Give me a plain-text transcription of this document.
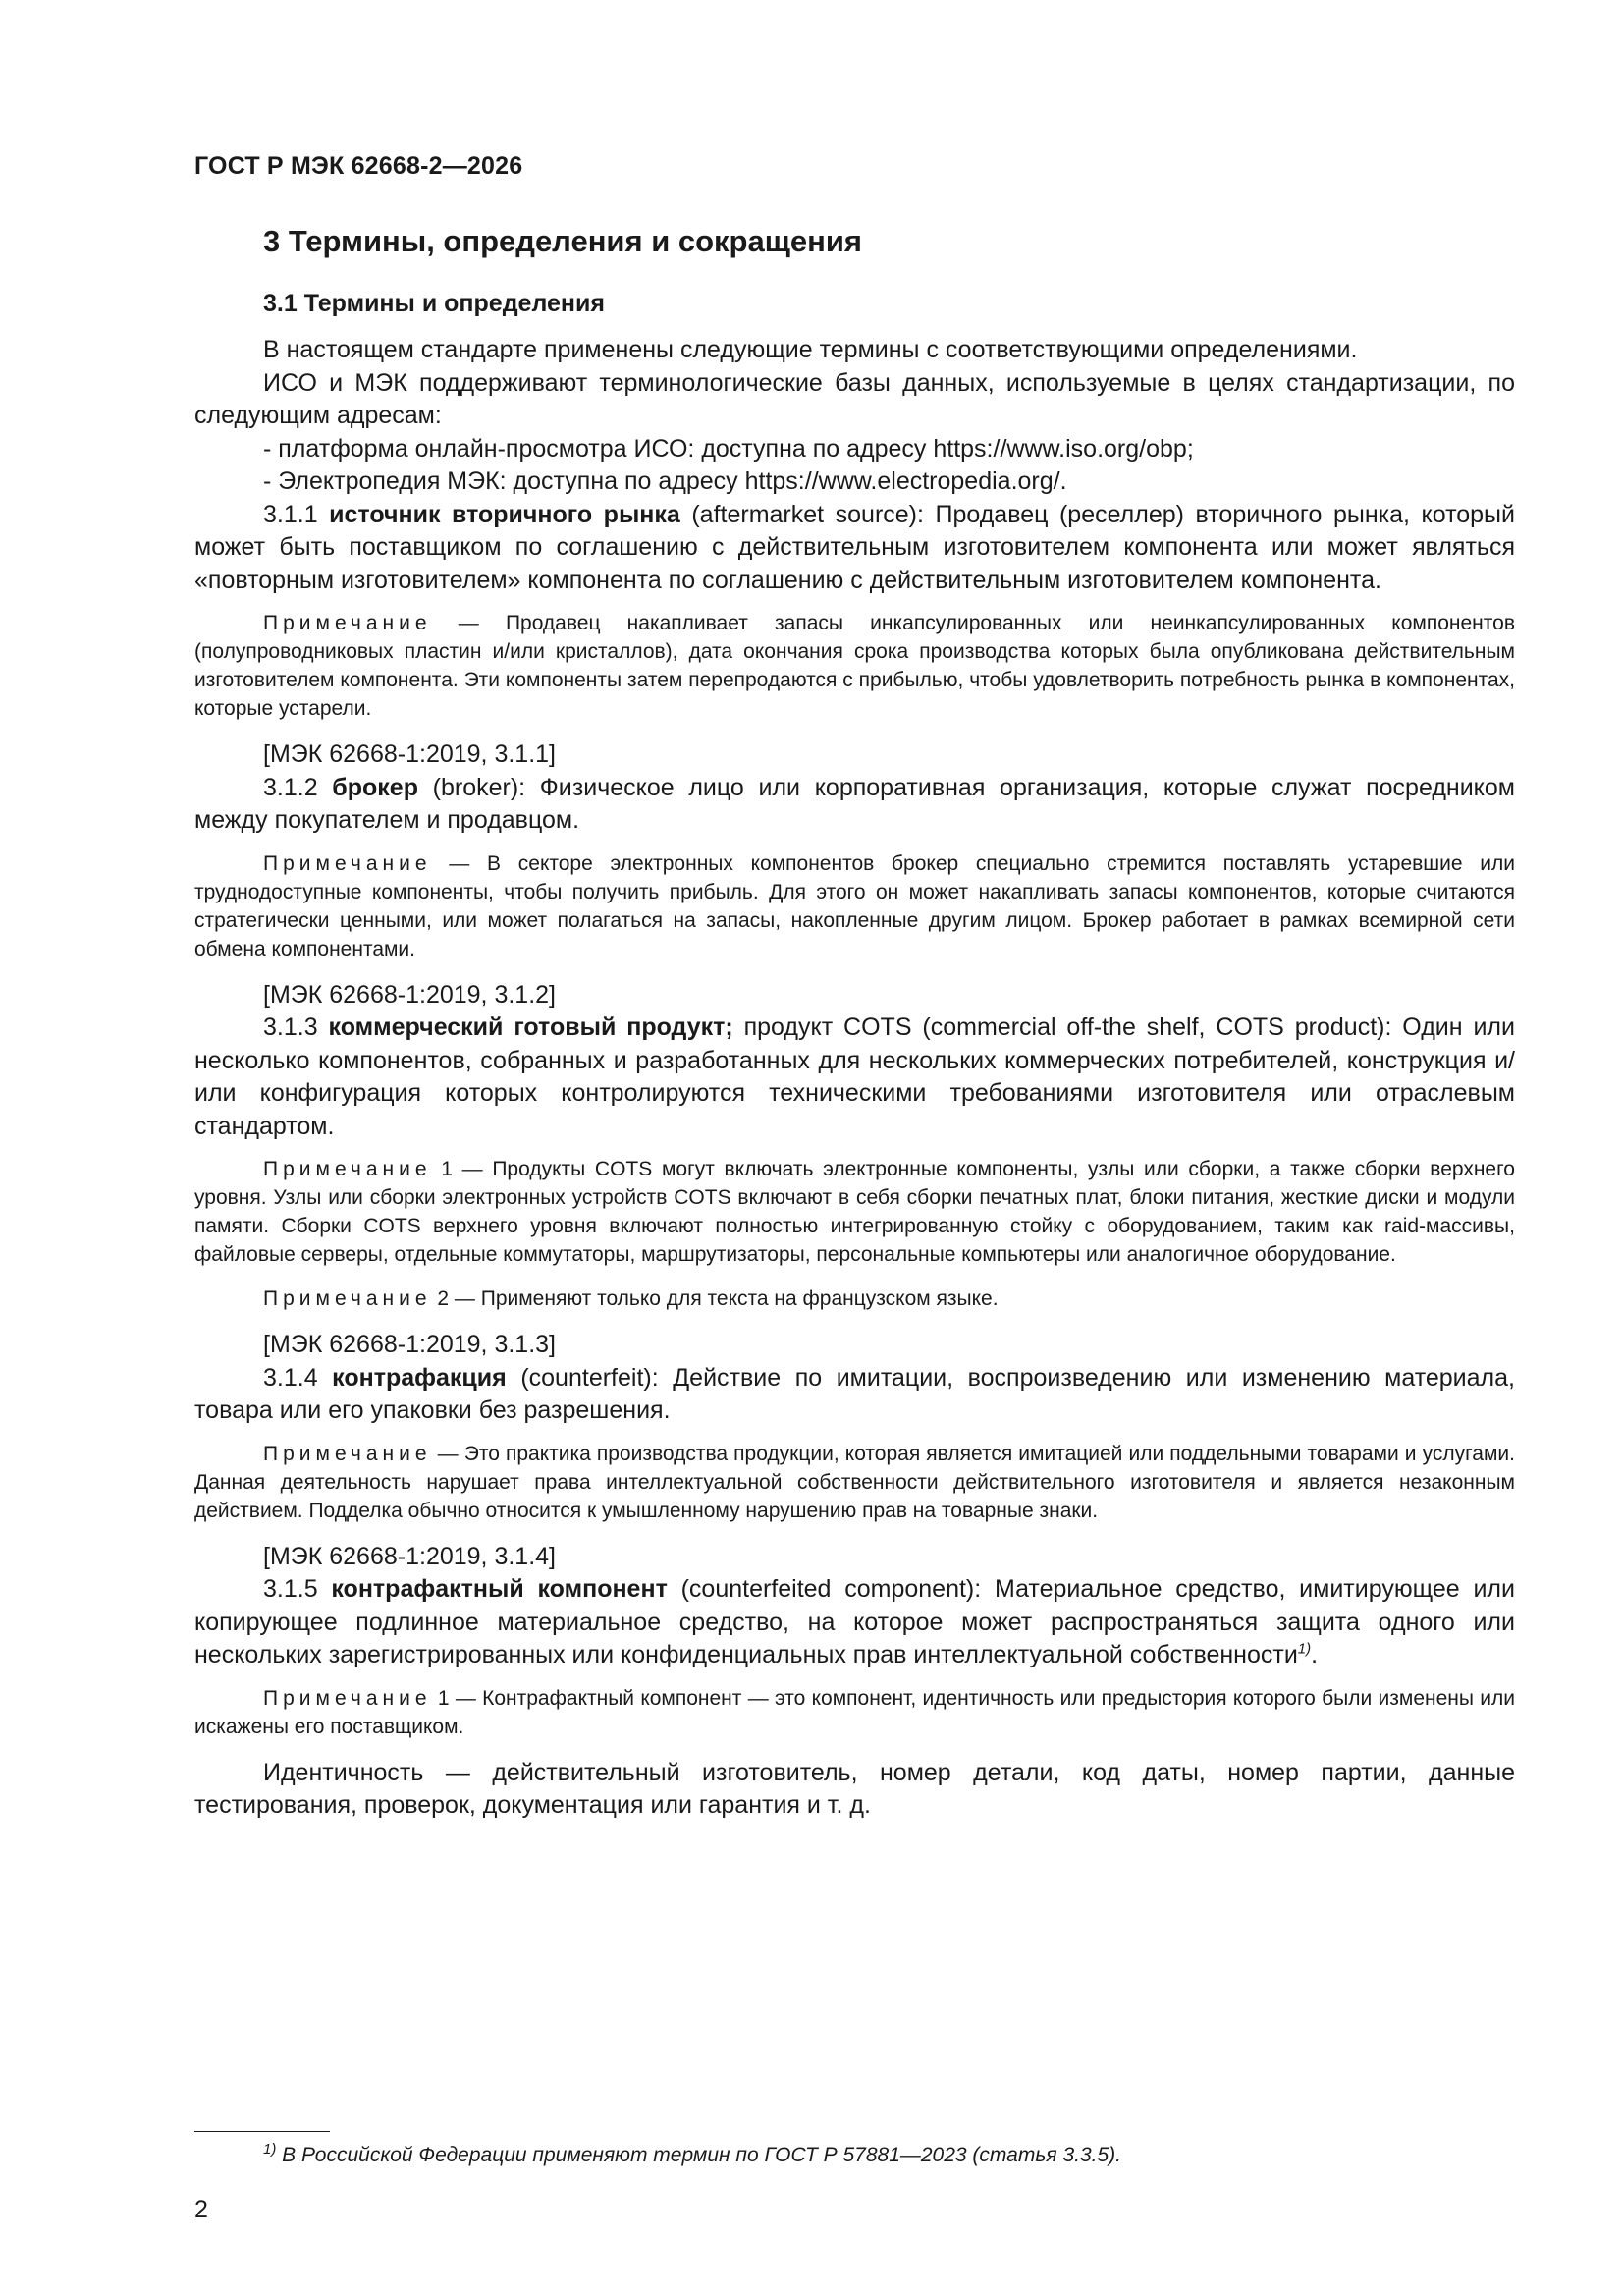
ГОСТ Р МЭК 62668-2—2026
3 Термины, определения и сокращения
3.1 Термины и определения

В настоящем стандарте применены следующие термины с соответствующими определениями.

ИСО и МЭК поддерживают терминологические базы данных, используемые в целях стандартизации, по следующим адресам:

- платформа онлайн-просмотра ИСО: доступна по адресу https://www.iso.org/obp;
- Электропедия МЭК: доступна по адресу https://www.electropedia.org/.

3.1.1 источник вторичного рынка (aftermarket source): Продавец (реселлер) вторичного рынка, который может быть поставщиком по соглашению с действительным изготовителем компонента или может являться «повторным изготовителем» компонента по соглашению с действительным изготовителем компонента.

Примечание — Продавец накапливает запасы инкапсулированных или неинкапсулированных компонентов (полупроводниковых пластин и/или кристаллов), дата окончания срока производства которых была опубликована действительным изготовителем компонента. Эти компоненты затем перепродаются с прибылью, чтобы удовлетворить потребность рынка в компонентах, которые устарели.

[МЭК 62668-1:2019, 3.1.1]

3.1.2 брокер (broker): Физическое лицо или корпоративная организация, которые служат посредником между покупателем и продавцом.

Примечание — В секторе электронных компонентов брокер специально стремится поставлять устаревшие или труднодоступные компоненты, чтобы получить прибыль. Для этого он может накапливать запасы компонентов, которые считаются стратегически ценными, или может полагаться на запасы, накопленные другим лицом. Брокер работает в рамках всемирной сети обмена компонентами.

[МЭК 62668-1:2019, 3.1.2]

3.1.3 коммерческий готовый продукт; продукт COTS (commercial off-the shelf, COTS product): Один или несколько компонентов, собранных и разработанных для нескольких коммерческих потребителей, конструкция и/или конфигурация которых контролируются техническими требованиями изготовителя или отраслевым стандартом.

Примечание 1 — Продукты COTS могут включать электронные компоненты, узлы или сборки, а также сборки верхнего уровня. Узлы или сборки электронных устройств COTS включают в себя сборки печатных плат, блоки питания, жесткие диски и модули памяти. Сборки COTS верхнего уровня включают полностью интегрированную стойку с оборудованием, таким как raid-массивы, файловые серверы, отдельные коммутаторы, маршрутизаторы, персональные компьютеры или аналогичное оборудование.

Примечание 2 — Применяют только для текста на французском языке.

[МЭК 62668-1:2019, 3.1.3]

3.1.4 контрафакция (counterfeit): Действие по имитации, воспроизведению или изменению материала, товара или его упаковки без разрешения.

Примечание — Это практика производства продукции, которая является имитацией или поддельными товарами и услугами. Данная деятельность нарушает права интеллектуальной собственности действительного изготовителя и является незаконным действием. Подделка обычно относится к умышленному нарушению прав на товарные знаки.

[МЭК 62668-1:2019, 3.1.4]

3.1.5 контрафактный компонент (counterfeited component): Материальное средство, имитирующее или копирующее подлинное материальное средство, на которое может распространяться защита одного или нескольких зарегистрированных или конфиденциальных прав интеллектуальной собственности$^{1)}$.

Примечание 1 — Контрафактный компонент — это компонент, идентичность или предыстория которого были изменены или искажены его поставщиком.

Идентичность — действительный изготовитель, номер детали, код даты, номер партии, данные тестирования, проверок, документация или гарантия и т. д.

$^{1)}$ В Российской Федерации применяют термин по ГОСТ Р 57881—2023 (статья 3.3.5).
2
